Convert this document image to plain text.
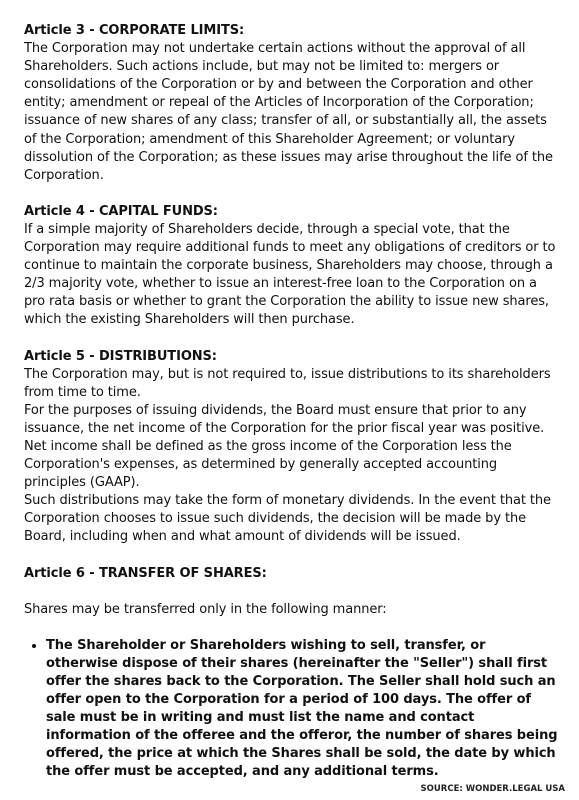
Article 3 - CORPORATE LIMITS:

The Corporation may not undertake certain actions without the approval of all Shareholders. Such actions include, but may not be limited to: mergers or consolidations of the Corporation or by and between the Corporation and other entity; amendment or repeal of the Articles of Incorporation of the Corporation; issuance of new shares of any class; transfer of all, or substantially all, the assets of the Corporation; amendment of this Shareholder Agreement; or voluntary dissolution of the Corporation; as these issues may arise throughout the life of the Corporation.

Article 4 - CAPITAL FUNDS:

If a simple majority of Shareholders decide, through a special vote, that the Corporation may require additional funds to meet any obligations of creditors or to continue to maintain the corporate business, Shareholders may choose, through a 2/3 majority vote, whether to issue an interest-free loan to the Corporation on a pro rata basis or whether to grant the Corporation the ability to issue new shares, which the existing Shareholders will then purchase.

Article 5 - DISTRIBUTIONS:

The Corporation may, but is not required to, issue distributions to its shareholders from time to time.

For the purposes of issuing dividends, the Board must ensure that prior to any issuance, the net income of the Corporation for the prior fiscal year was positive. Net income shall be defined as the gross income of the Corporation less the Corporation's expenses, as determined by generally accepted accounting principles (GAAP).

Such distributions may take the form of monetary dividends. In the event that the Corporation chooses to issue such dividends, the decision will be made by the Board, including when and what amount of dividends will be issued.

Article 6 - TRANSFER OF SHARES:

Shares may be transferred only in the following manner:

• The Shareholder or Shareholders wishing to sell, transfer, or otherwise dispose of their shares (hereinafter the "Seller") shall first offer the shares back to the Corporation. The Seller shall hold such an offer open to the Corporation for a period of 100 days. The offer of sale must be in writing and must list the name and contact information of the offeree and the offeror, the number of shares being offered, the price at which the Shares shall be sold, the date by which the offer must be accepted, and any additional terms.
SOURCE: WONDER.LEGAL USA
